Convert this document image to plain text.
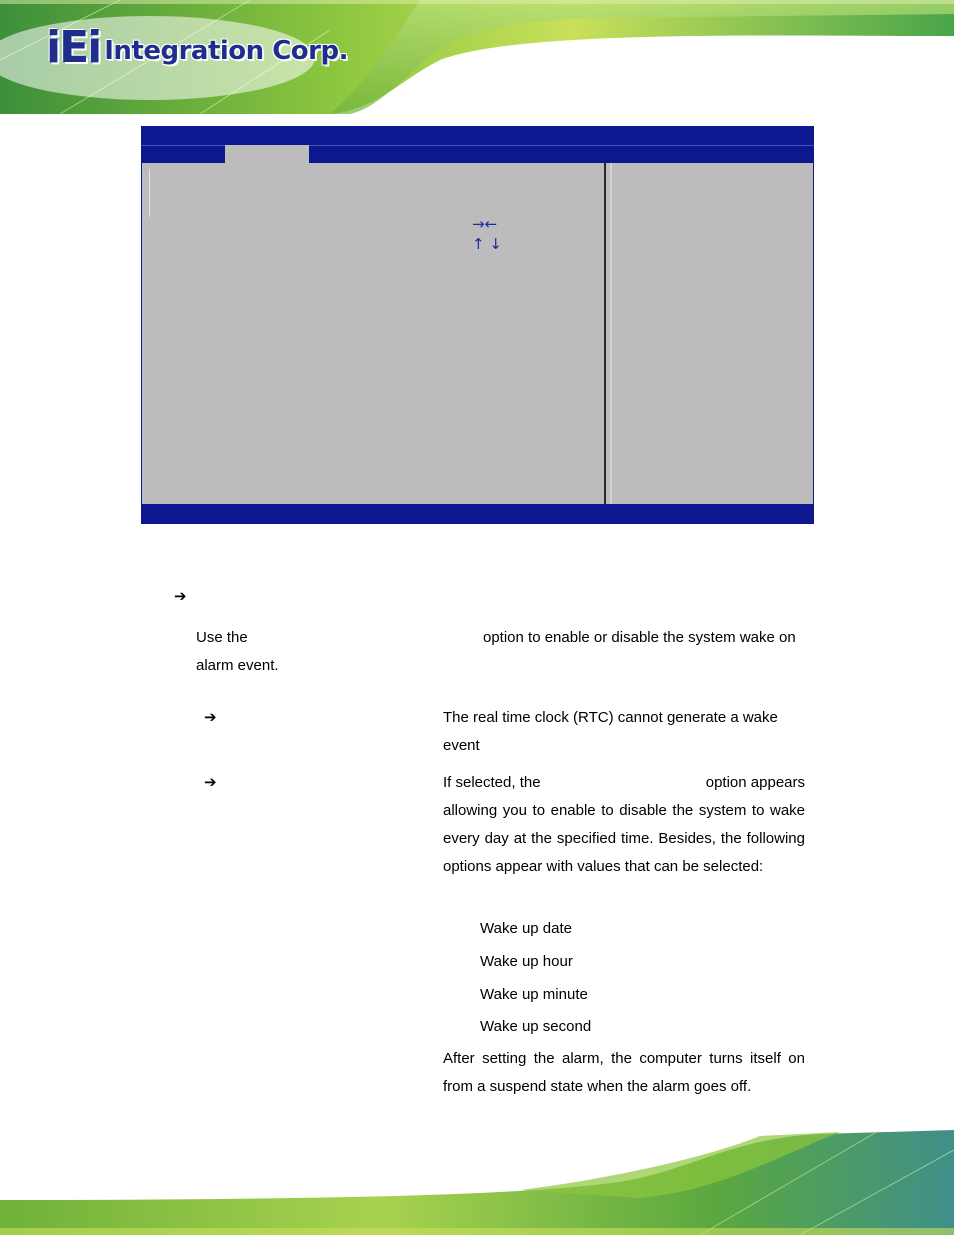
iEi Integration Corp.
→←
↑ ↓
➔
Use the	option to enable or disable the system wake on
alarm event.
➔	The real time clock (RTC) cannot generate a wake
event
➔	If selected, the	option appears
allowing you to enable to disable the system to wake every day at the specified time. Besides, the following options appear with values that can be selected:
Wake up date
Wake up hour
Wake up minute
Wake up second
After setting the alarm, the computer turns itself on from a suspend state when the alarm goes off.
